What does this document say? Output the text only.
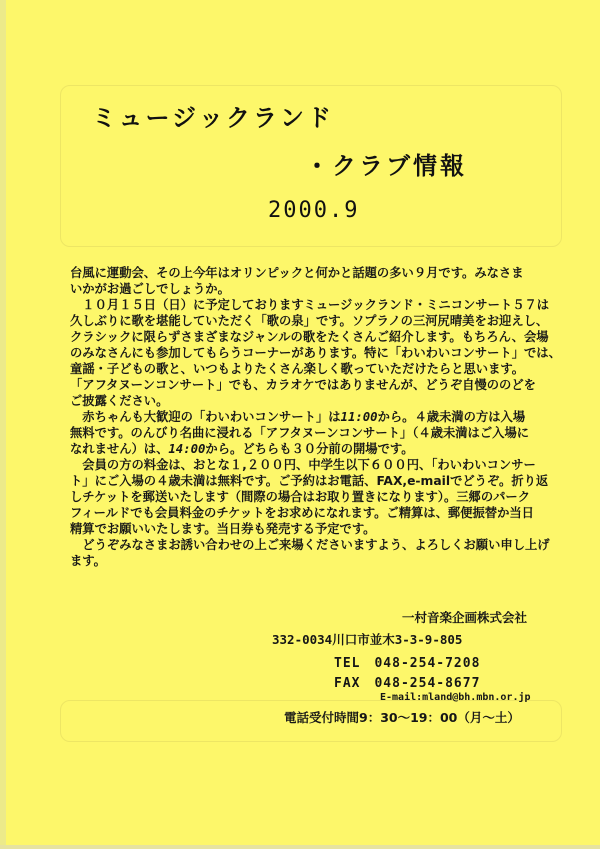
ミュージックランド
・クラブ情報
2000.9

台風に運動会、その上今年はオリンピックと何かと話題の多い９月です。みなさま

いかがお過ごしでしょうか。

　１０月１５日（日）に予定しておりますミュージックランド・ミニコンサート５７は

久しぶりに歌を堪能していただく「歌の泉」です。ソプラノの三河尻晴美をお迎えし、

クラシックに限らずさまざまなジャンルの歌をたくさんご紹介します。もちろん、会場

のみなさんにも参加してもらうコーナーがあります。特に「わいわいコンサート」では、

童謡・子どもの歌と、いつもよりたくさん楽しく歌っていただけたらと思います。

「アフタヌーンコンサート」でも、カラオケではありませんが、どうぞ自慢ののどを

ご披露ください。

　赤ちゃんも大歓迎の「わいわいコンサート」は11:00から。４歳未満の方は入場

無料です。のんびり名曲に浸れる「アフタヌーンコンサート」（４歳未満はご入場に

なれません）は、14:00から。どちらも３０分前の開場です。

　会員の方の料金は、おとな１,２００円、中学生以下６００円、「わいわいコンサー

ト」にご入場の４歳未満は無料です。ご予約はお電話、FAX,e-mailでどうぞ。折り返

しチケットを郵送いたします（間際の場合はお取り置きになります）。三郷のパーク

フィールドでも会員料金のチケットをお求めになれます。ご精算は、郵便振替か当日

精算でお願いいたします。当日券も発売する予定です。

　どうぞみなさまお誘い合わせの上ご来場くださいますよう、よろしくお願い申し上げ

ます。

一村音楽企画株式会社
332-0034川口市並木3-3-9-805
TEL　048-254-7208
FAX　048-254-8677
E-mail:mland@bh.mbn.or.jp
電話受付時間9：30～19：00（月～土）
